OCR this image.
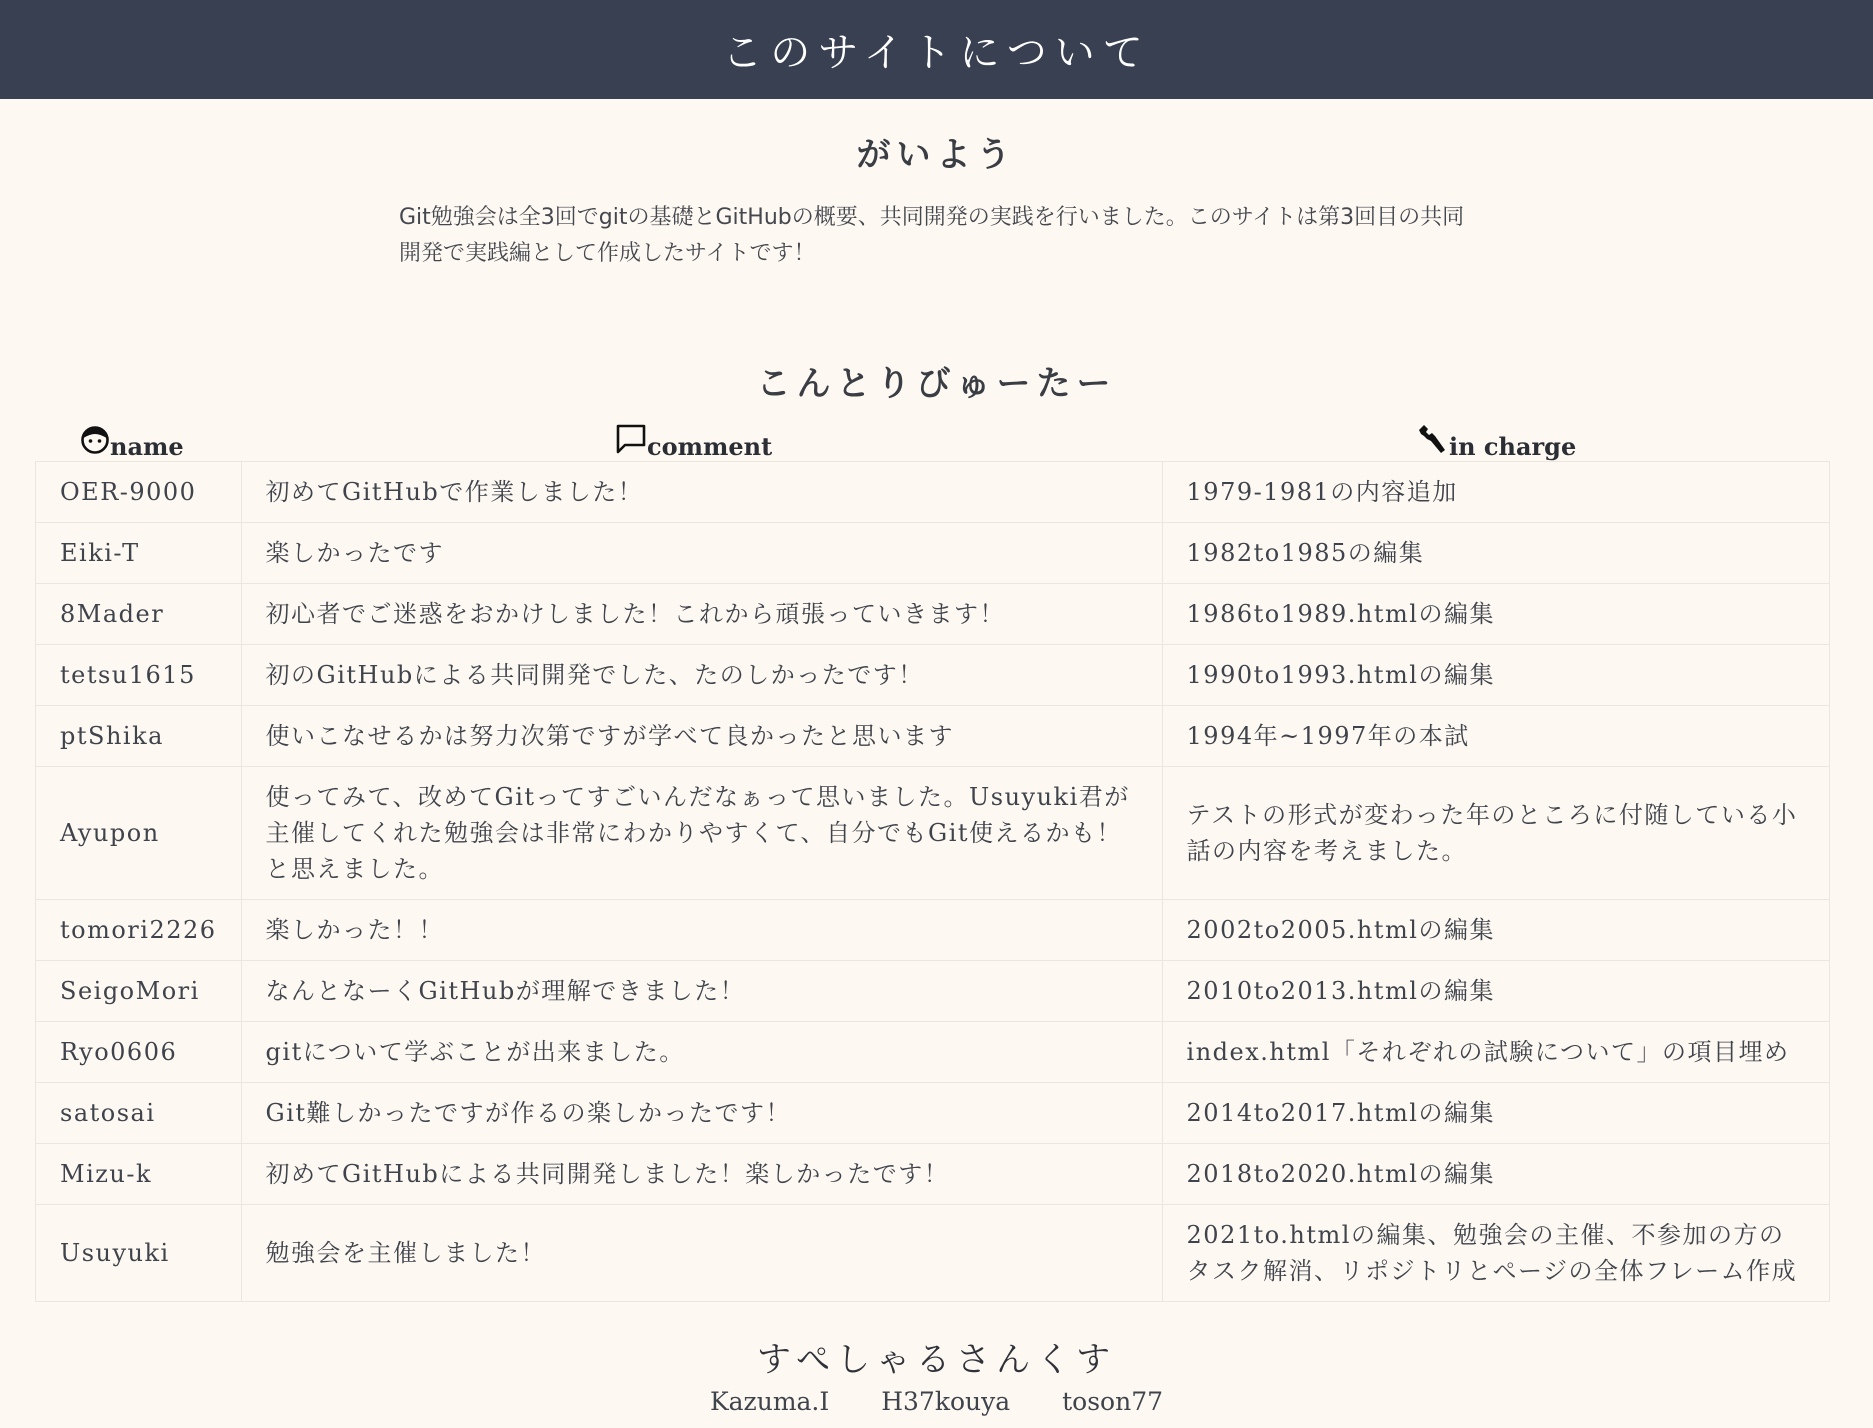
このサイトについて
がいよう

Git勉強会は全3回でgitの基礎とGitHubの概要、共同開発の実践を行いました。このサイトは第3回目の共同開発で実践編として作成したサイトです！

こんとりびゅーたー
name	comment	in charge
OER-9000	初めてGitHubで作業しました！	1979-1981の内容追加
Eiki-T	楽しかったです	1982to1985の編集
8Mader	初心者でご迷惑をおかけしました！これから頑張っていきます！	1986to1989.htmlの編集
tetsu1615	初のGitHubによる共同開発でした、たのしかったです！	1990to1993.htmlの編集
ptShika	使いこなせるかは努力次第ですが学べて良かったと思います	1994年~1997年の本試
Ayupon	使ってみて、改めてGitってすごいんだなぁって思いました。Usuyuki君が主催してくれた勉強会は非常にわかりやすくて、自分でもGit使えるかも！と思えました。	テストの形式が変わった年のところに付随している小話の内容を考えました。
tomori2226	楽しかった！！	2002to2005.htmlの編集
SeigoMori	なんとなーくGitHubが理解できました！	2010to2013.htmlの編集
Ryo0606	gitについて学ぶことが出来ました。	index.html「それぞれの試験について」の項目埋め
satosai	Git難しかったですが作るの楽しかったです！	2014to2017.htmlの編集
Mizu-k	初めてGitHubによる共同開発しました！楽しかったです！	2018to2020.htmlの編集
Usuyuki	勉強会を主催しました！	2021to.htmlの編集、勉強会の主催、不参加の方のタスク解消、リポジトリとページの全体フレーム作成
すぺしゃるさんくす
Kazuma.I H37kouya toson77
